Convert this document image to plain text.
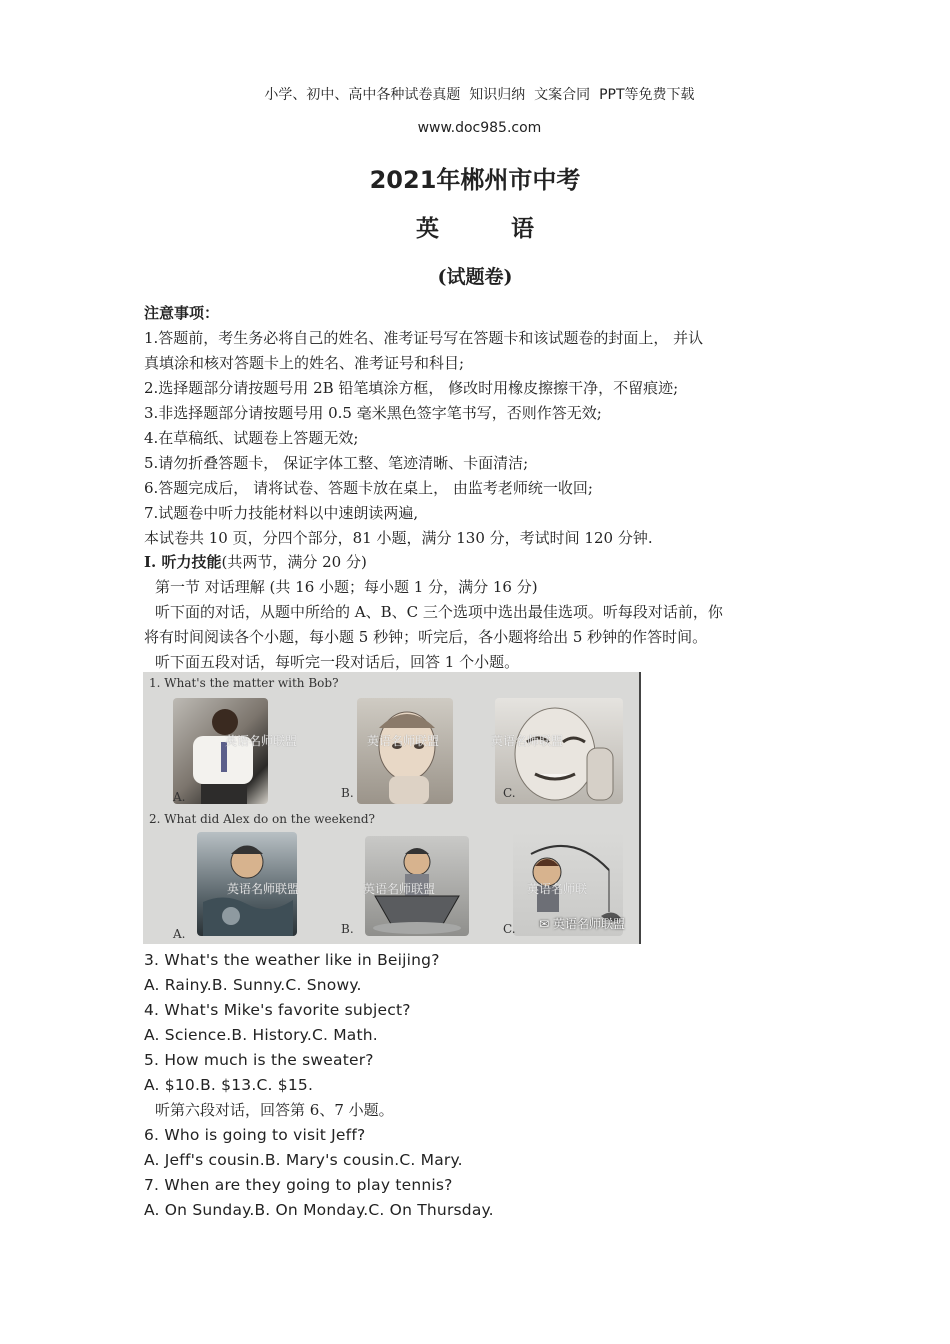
小学、初中、高中各种试卷真题  知识归纳  文案合同  PPT等免费下载

www.doc985.com

2021年郴州市中考
英 语
(试题卷)
注意事项：
1.答题前，考生务必将自己的姓名、准考证号写在答题卡和该试题卷的封面上， 并认
真填涂和核对答题卡上的姓名、准考证号和科目;
2.选择题部分请按题号用 2B 铅笔填涂方框， 修改时用橡皮擦擦干净，不留痕迹;
3.非选择题部分请按题号用 0.5 毫米黑色签字笔书写，否则作答无效;
4.在草稿纸、试题卷上答题无效;
5.请勿折叠答题卡， 保证字体工整、笔迹清晰、卡面清洁;
6.答题完成后， 请将试卷、答题卡放在桌上， 由监考老师统一收回;
7.试题卷中听力技能材料以中速朗读两遍,
本试卷共 10 页，分四个部分，81 小题，满分 130 分，考试时间 120 分钟.
I. 听力技能(共两节，满分 20 分)
第一节 对话理解 (共 16 小题；每小题 1 分，满分 16 分)
听下面的对话，从题中所给的 A、B、C 三个选项中选出最佳选项。听每段对话前，你
将有时间阅读各个小题，每小题 5 秒钟；听完后，各小题将给出 5 秒钟的作答时间。
听下面五段对话，每听完一段对话后，回答 1 个小题。
1. What's the matter with Bob?
A.	B.	C.
英语名师联盟	英语名师联盟	英语名师联盟
2. What did Alex do on the weekend?
A.	B.	C.
英语名师联盟	英语名师联盟	英语名师联
✉ 英语名师联盟
3. What's the weather like in Beijing?
A. Rainy.B. Sunny.C. Snowy.
4. What's Mike's favorite subject?
A. Science.B. History.C. Math.
5. How much is the sweater?
A. $10.B. $13.C. $15.
听第六段对话，回答第 6、7 小题。
6. Who is going to visit Jeff?
A. Jeff's cousin.B. Mary's cousin.C. Mary.
7. When are they going to play tennis?
A. On Sunday.B. On Monday.C. On Thursday.
